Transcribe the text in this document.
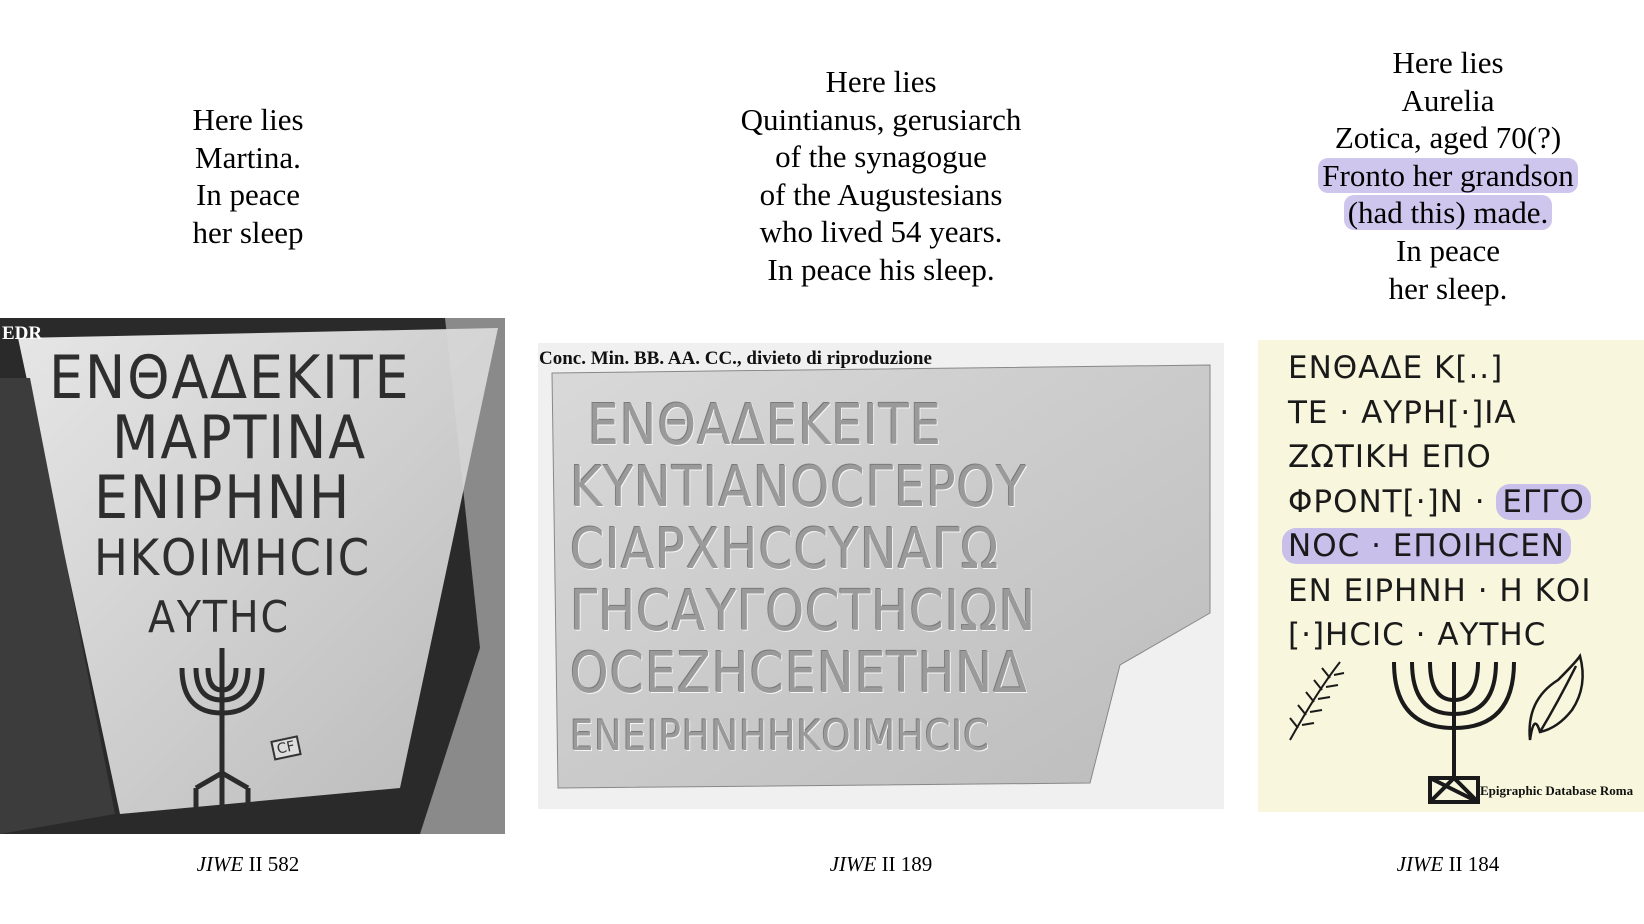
Here lies
Martina.
In peace
her sleep
EDR
ΕΝΘΑΔΕΚΙΤΕ
ΜΑΡΤΙΝΑ
ΕΝΙΡΗΝΗ
ΗΚΟΙΜΗCIC
ΑΥΤΗC
CF
JIWE II 582
Here lies
Quintianus, gerusiarch
of the synagogue
of the Augustesians
who lived 54 years.
In peace his sleep.
Conc. Min. BB. AA. CC., divieto di riproduzione
ΕΝΘΑΔΕΚΕΙΤΕ
ΚΥΝΤΙΑΝΟCΓΕΡΟΥ
CΙΑΡΧΗCCΥΝΑΓΩ
ΓΗCΑΥΓΟCΤΗCΙΩΝ
ΟCΕΖΗCΕΝΕΤΗΝΔ
ΕΝΕΙΡΗΝΗΗΚΟΙΜΗCΙC
JIWE II 189
Here lies
Aurelia
Zotica, aged 70(?)
Fronto her grandson
(had this) made.
In peace
her sleep.
ΕΝΘΑΔΕ Κ[..]
ΤΕ · ΑΥΡΗ[·]ΙΑ
ΖΩΤΙΚΗ ΕΠΟ
ΦΡΟΝΤ[·]Ν · ΕΓΓΟ
ΝΟC · ΕΠΟΙΗCΕΝ
ΕΝ ΕΙΡΗΝΗ · Η ΚΟΙ
[·]ΗCIC · ΑΥΤΗC
Epigraphic Database Roma
JIWE II 184
